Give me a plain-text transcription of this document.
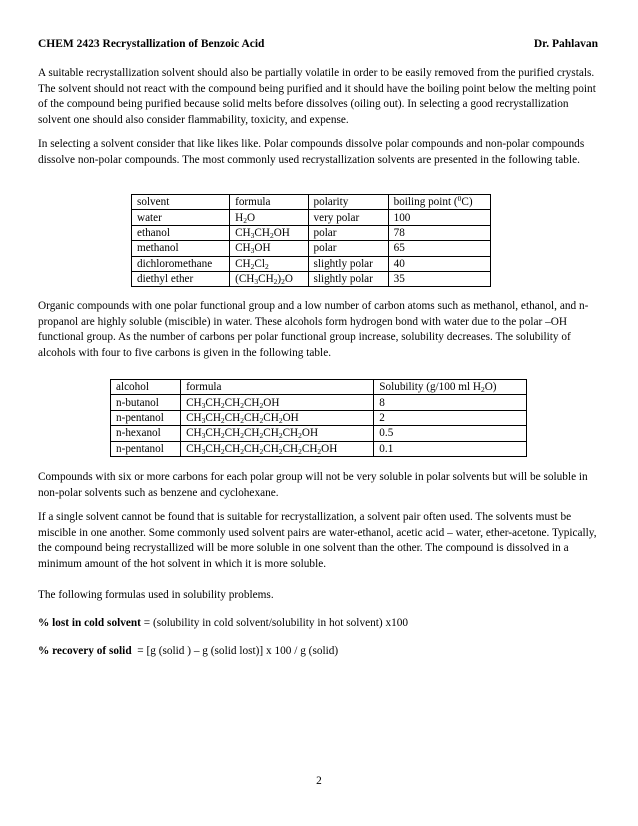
CHEM 2423 Recrystallization of Benzoic Acid	Dr. Pahlavan

A suitable recrystallization solvent should also be partially volatile in order to be easily removed from the purified crystals. The solvent should not react with the compound being purified and it should have the boiling point below the melting point of the compound being purified because solid melts before dissolves (oiling out). In selecting a good recrystallization solvent one should also consider flammability, toxicity, and expense.

In selecting a solvent consider that like likes like. Polar compounds dissolve polar compounds and non-polar compounds dissolve non-polar compounds. The most commonly used recrystallization solvents are presented in the following table.

solvent	formula	polarity	boiling point ($^0$C)
water	$H_2O$	very polar	100
ethanol	$CH_3CH_2OH$	polar	78
methanol	$CH_3OH$	polar	65
dichloromethane	$CH_2Cl_2$	slightly polar	40
diethyl ether	$(CH_3CH_2)_2O$	slightly polar	35

Organic compounds with one polar functional group and a low number of carbon atoms such as methanol, ethanol, and n-propanol are highly soluble (miscible) in water. These alcohols form hydrogen bond with water due to the polar –OH functional group. As the number of carbons per polar functional group increase, solubility decreases. The solubility of alcohols with four to five carbons is given in the following table.

alcohol	formula	Solubility (g/100 ml $H_2O$)
n-butanol	$CH_3CH_2CH_2CH_2OH$	8
n-pentanol	$CH_3CH_2CH_2CH_2CH_2OH$	2
n-hexanol	$CH_3CH_2CH_2CH_2CH_2CH_2OH$	0.5
n-pentanol	$CH_3CH_2CH_2CH_2CH_2CH_2CH_2OH$	0.1

Compounds with six or more carbons for each polar group will not be very soluble in polar solvents but will be soluble in non-polar solvents such as benzene and cyclohexane.

If a single solvent cannot be found that is suitable for recrystallization, a solvent pair often used. The solvents must be miscible in one another. Some commonly used solvent pairs are water-ethanol, acetic acid – water, ether-acetone. Typically, the compound being recrystallized will be more soluble in one solvent than the other. The compound is dissolved in a minimum amount of the hot solvent in which it is more soluble.

The following formulas used in solubility problems.

% lost in cold solvent = (solubility in cold solvent/solubility in hot solvent) x100

% recovery of solid  = [g (solid ) – g (solid lost)] x 100 / g (solid)

2
